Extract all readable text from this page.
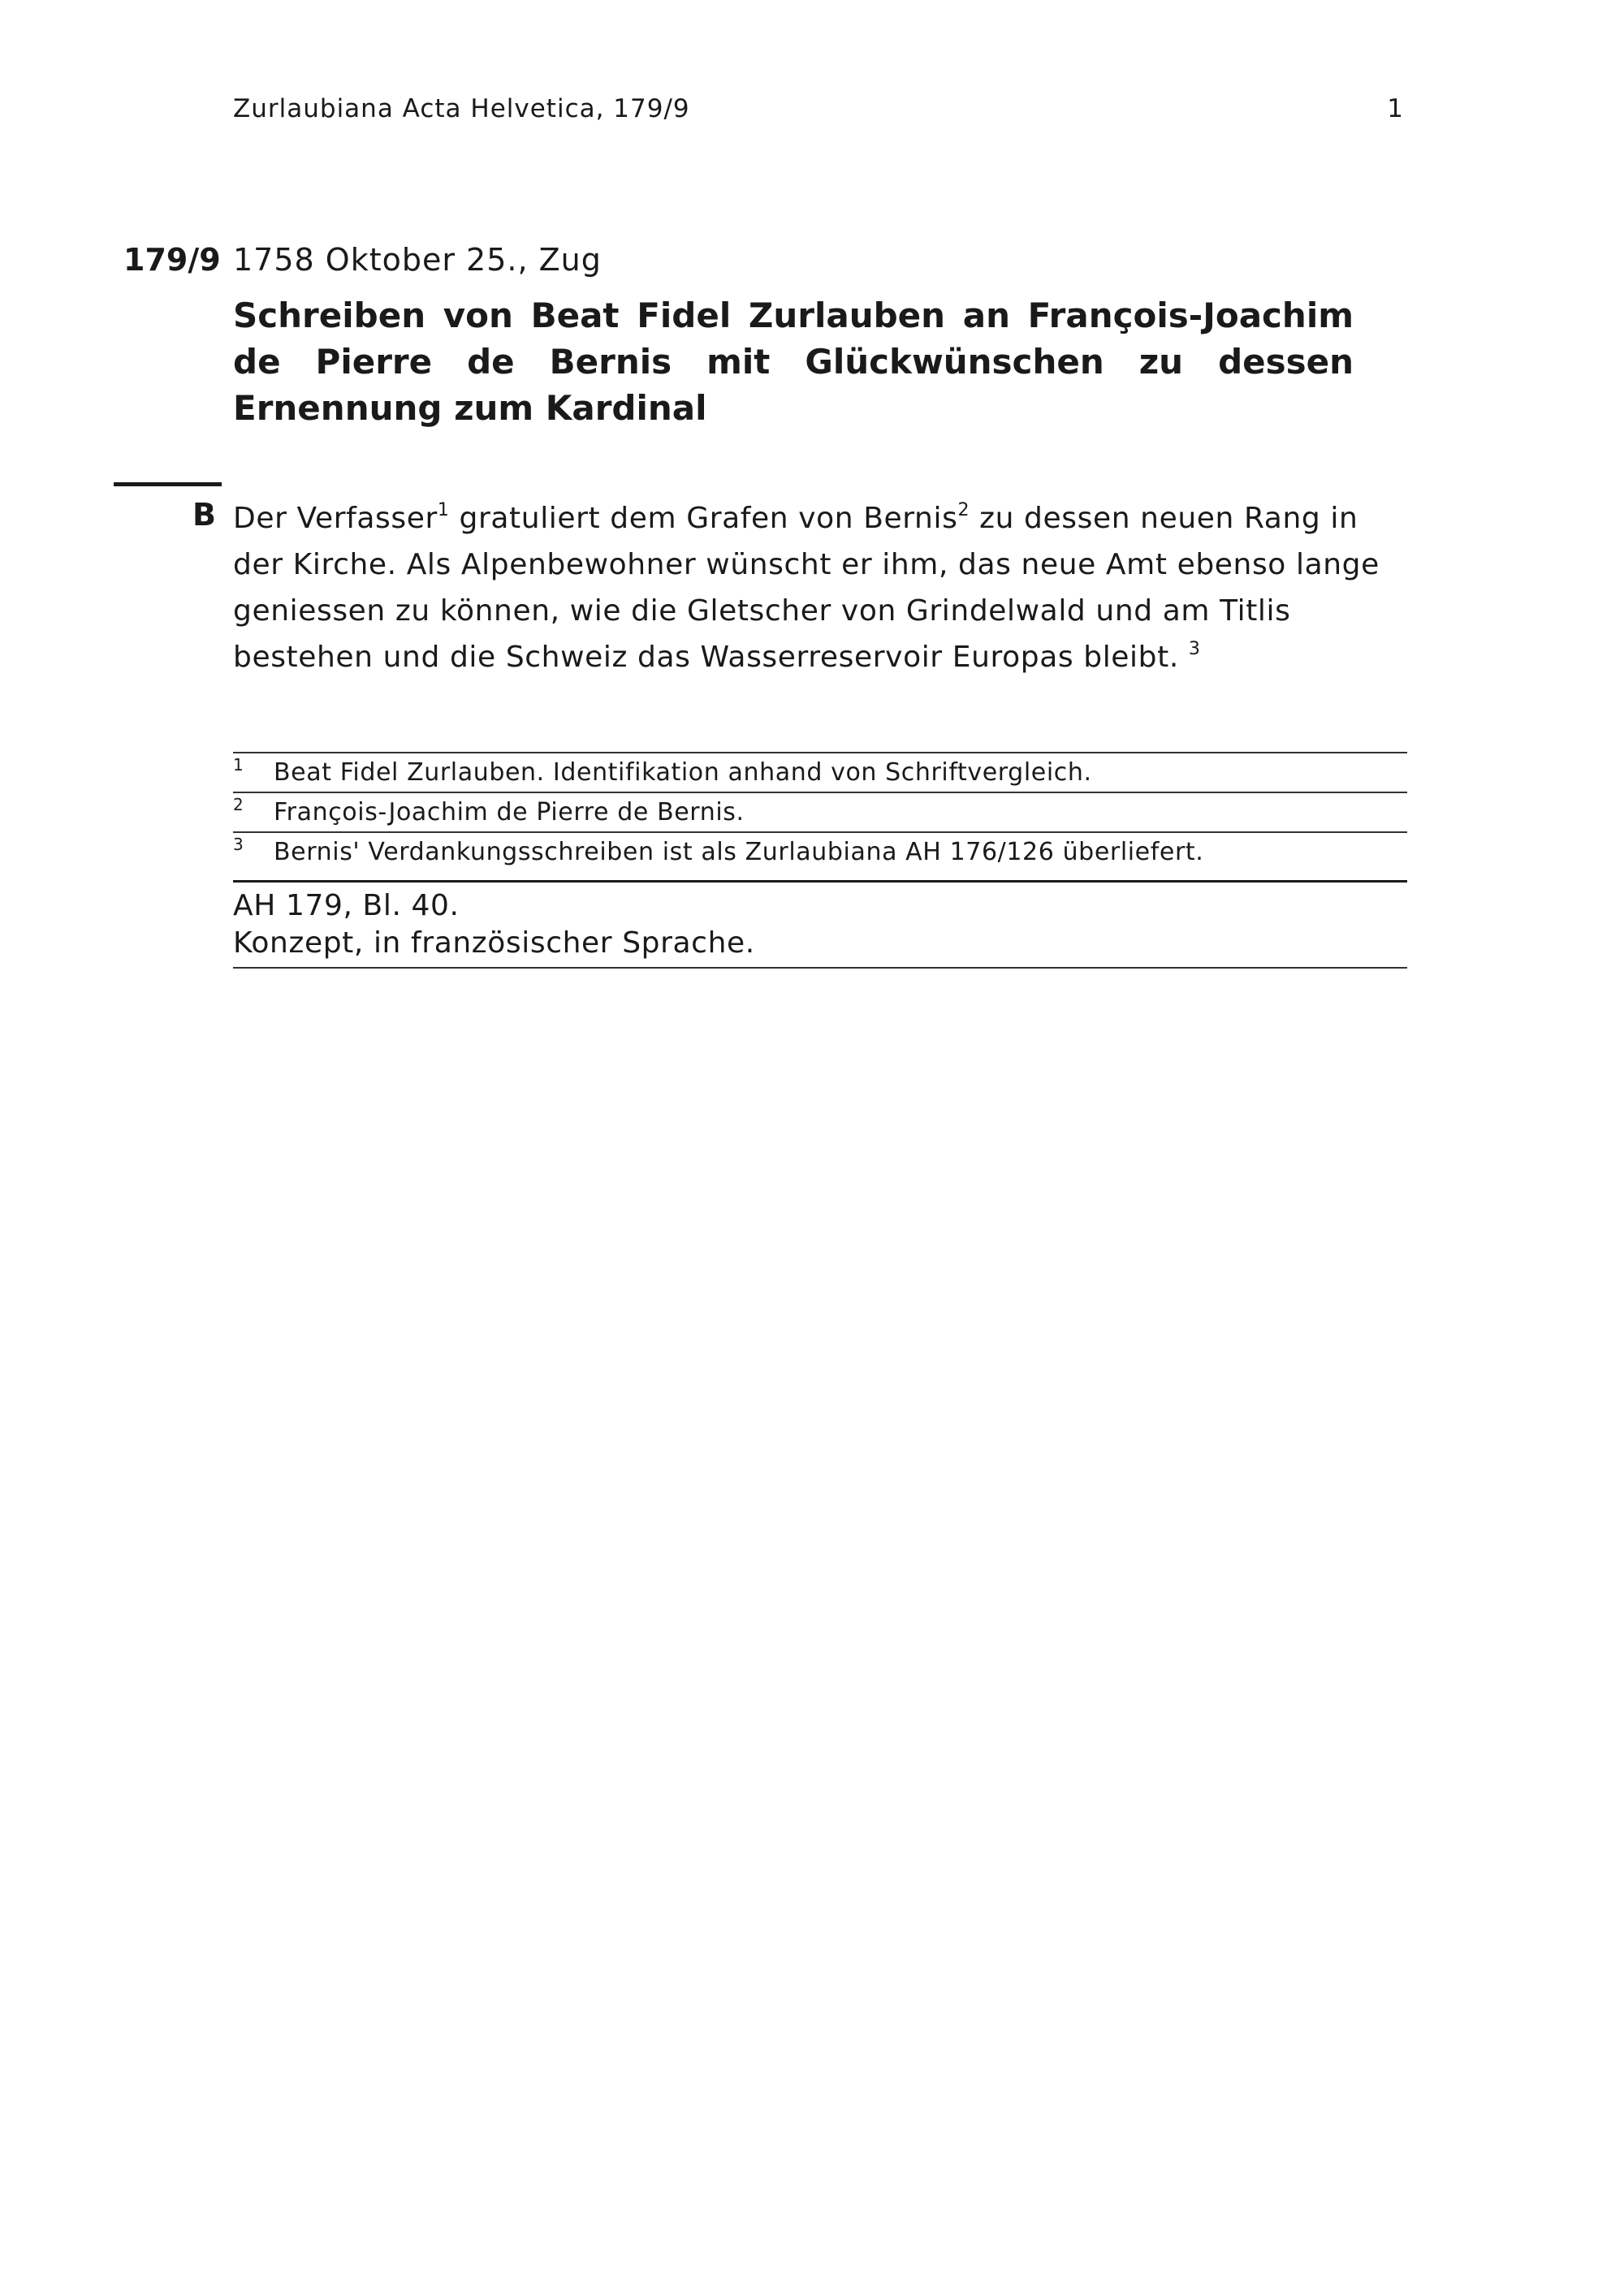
Zurlaubiana Acta Helvetica, 179/9	1
179/9 1758 Oktober 25., Zug
Schreiben von Beat Fidel Zurlauben an François-Joachim de Pierre de Bernis mit Glückwünschen zu dessen Ernennung zum Kardinal
B Der Verfasser$^1$ gratuliert dem Grafen von Bernis$^2$ zu dessen neuen Rang in der Kirche. Als Alpenbewohner wünscht er ihm, das neue Amt ebenso lange geniessen zu können, wie die Gletscher von Grindelwald und am Titlis bestehen und die Schweiz das Wasserreservoir Europas bleibt. $^3$
1 Beat Fidel Zurlauben. Identifikation anhand von Schriftvergleich.
2 François-Joachim de Pierre de Bernis.
3 Bernis' Verdankungsschreiben ist als Zurlaubiana AH 176/126 überliefert.
AH 179, Bl. 40.
Konzept, in französischer Sprache.
